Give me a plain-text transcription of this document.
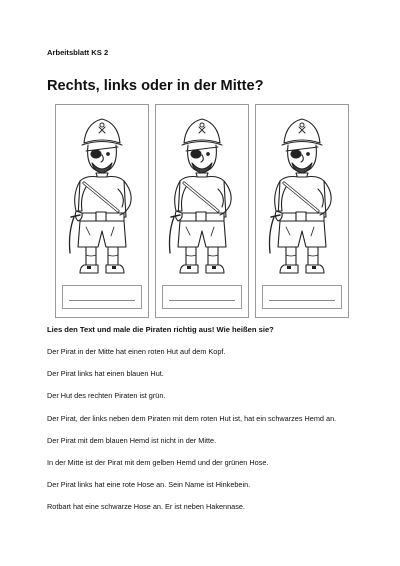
Arbeitsblatt KS 2
Rechts, links oder in der Mitte?
Lies den Text und male die Piraten richtig aus! Wie heißen sie?
Der Pirat in der Mitte hat einen roten Hut auf dem Kopf.
Der Pirat links hat einen blauen Hut.
Der Hut des rechten Piraten ist grün.
Der Pirat, der links neben dem Piraten mit dem roten Hut ist, hat ein schwarzes Hemd an.
Der Pirat mit dem blauen Hemd ist nicht in der Mitte.
In der Mitte ist der Pirat mit dem gelben Hemd und der grünen Hose.
Der Pirat links hat eine rote Hose an. Sein Name ist Hinkebein.
Rotbart hat eine schwarze Hose an. Er ist neben Hakennase.
